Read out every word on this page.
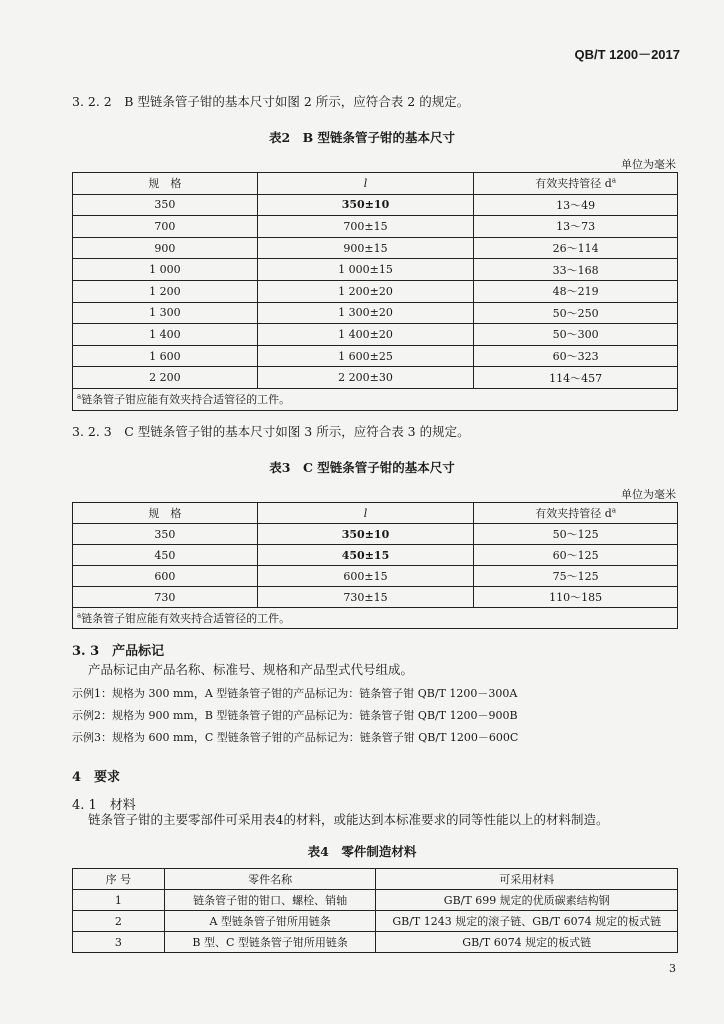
QB/T 1200－2017
3. 2. 2　B 型链条管子钳的基本尺寸如图 2 所示，应符合表 2 的规定。
表2　B 型链条管子钳的基本尺寸
单位为毫米
规　格	l	有效夹持管径 $d^a$
350	350±10	13～49
700	700±15	13～73
900	900±15	26～114
1 000	1 000±15	33～168
1 200	1 200±20	48～219
1 300	1 300±20	50～250
1 400	1 400±20	50～300
1 600	1 600±25	60～323
2 200	2 200±30	114～457
$^a$链条管子钳应能有效夹持合适管径的工件。		
3. 2. 3　C 型链条管子钳的基本尺寸如图 3 所示，应符合表 3 的规定。
表3　C 型链条管子钳的基本尺寸
单位为毫米
规　格	l	有效夹持管径 $d^a$
350	350±10	50～125
450	450±15	60～125
600	600±15	75～125
730	730±15	110～185
$^a$链条管子钳应能有效夹持合适管径的工件。		
3. 3　产品标记
产品标记由产品名称、标准号、规格和产品型式代号组成。
示例1：规格为 300 mm，A 型链条管子钳的产品标记为：链条管子钳 QB/T 1200－300A
示例2：规格为 900 mm，B 型链条管子钳的产品标记为：链条管子钳 QB/T 1200－900B
示例3：规格为 600 mm，C 型链条管子钳的产品标记为：链条管子钳 QB/T 1200－600C
4　要求
4. 1　材料
链条管子钳的主要零部件可采用表4的材料，或能达到本标准要求的同等性能以上的材料制造。
表4　零件制造材料
序 号	零件名称	可采用材料
1	链条管子钳的钳口、螺栓、销轴	GB/T 699 规定的优质碳素结构钢
2	A 型链条管子钳所用链条	GB/T 1243 规定的滚子链、GB/T 6074 规定的板式链
3	B 型、C 型链条管子钳所用链条	GB/T 6074 规定的板式链
3
